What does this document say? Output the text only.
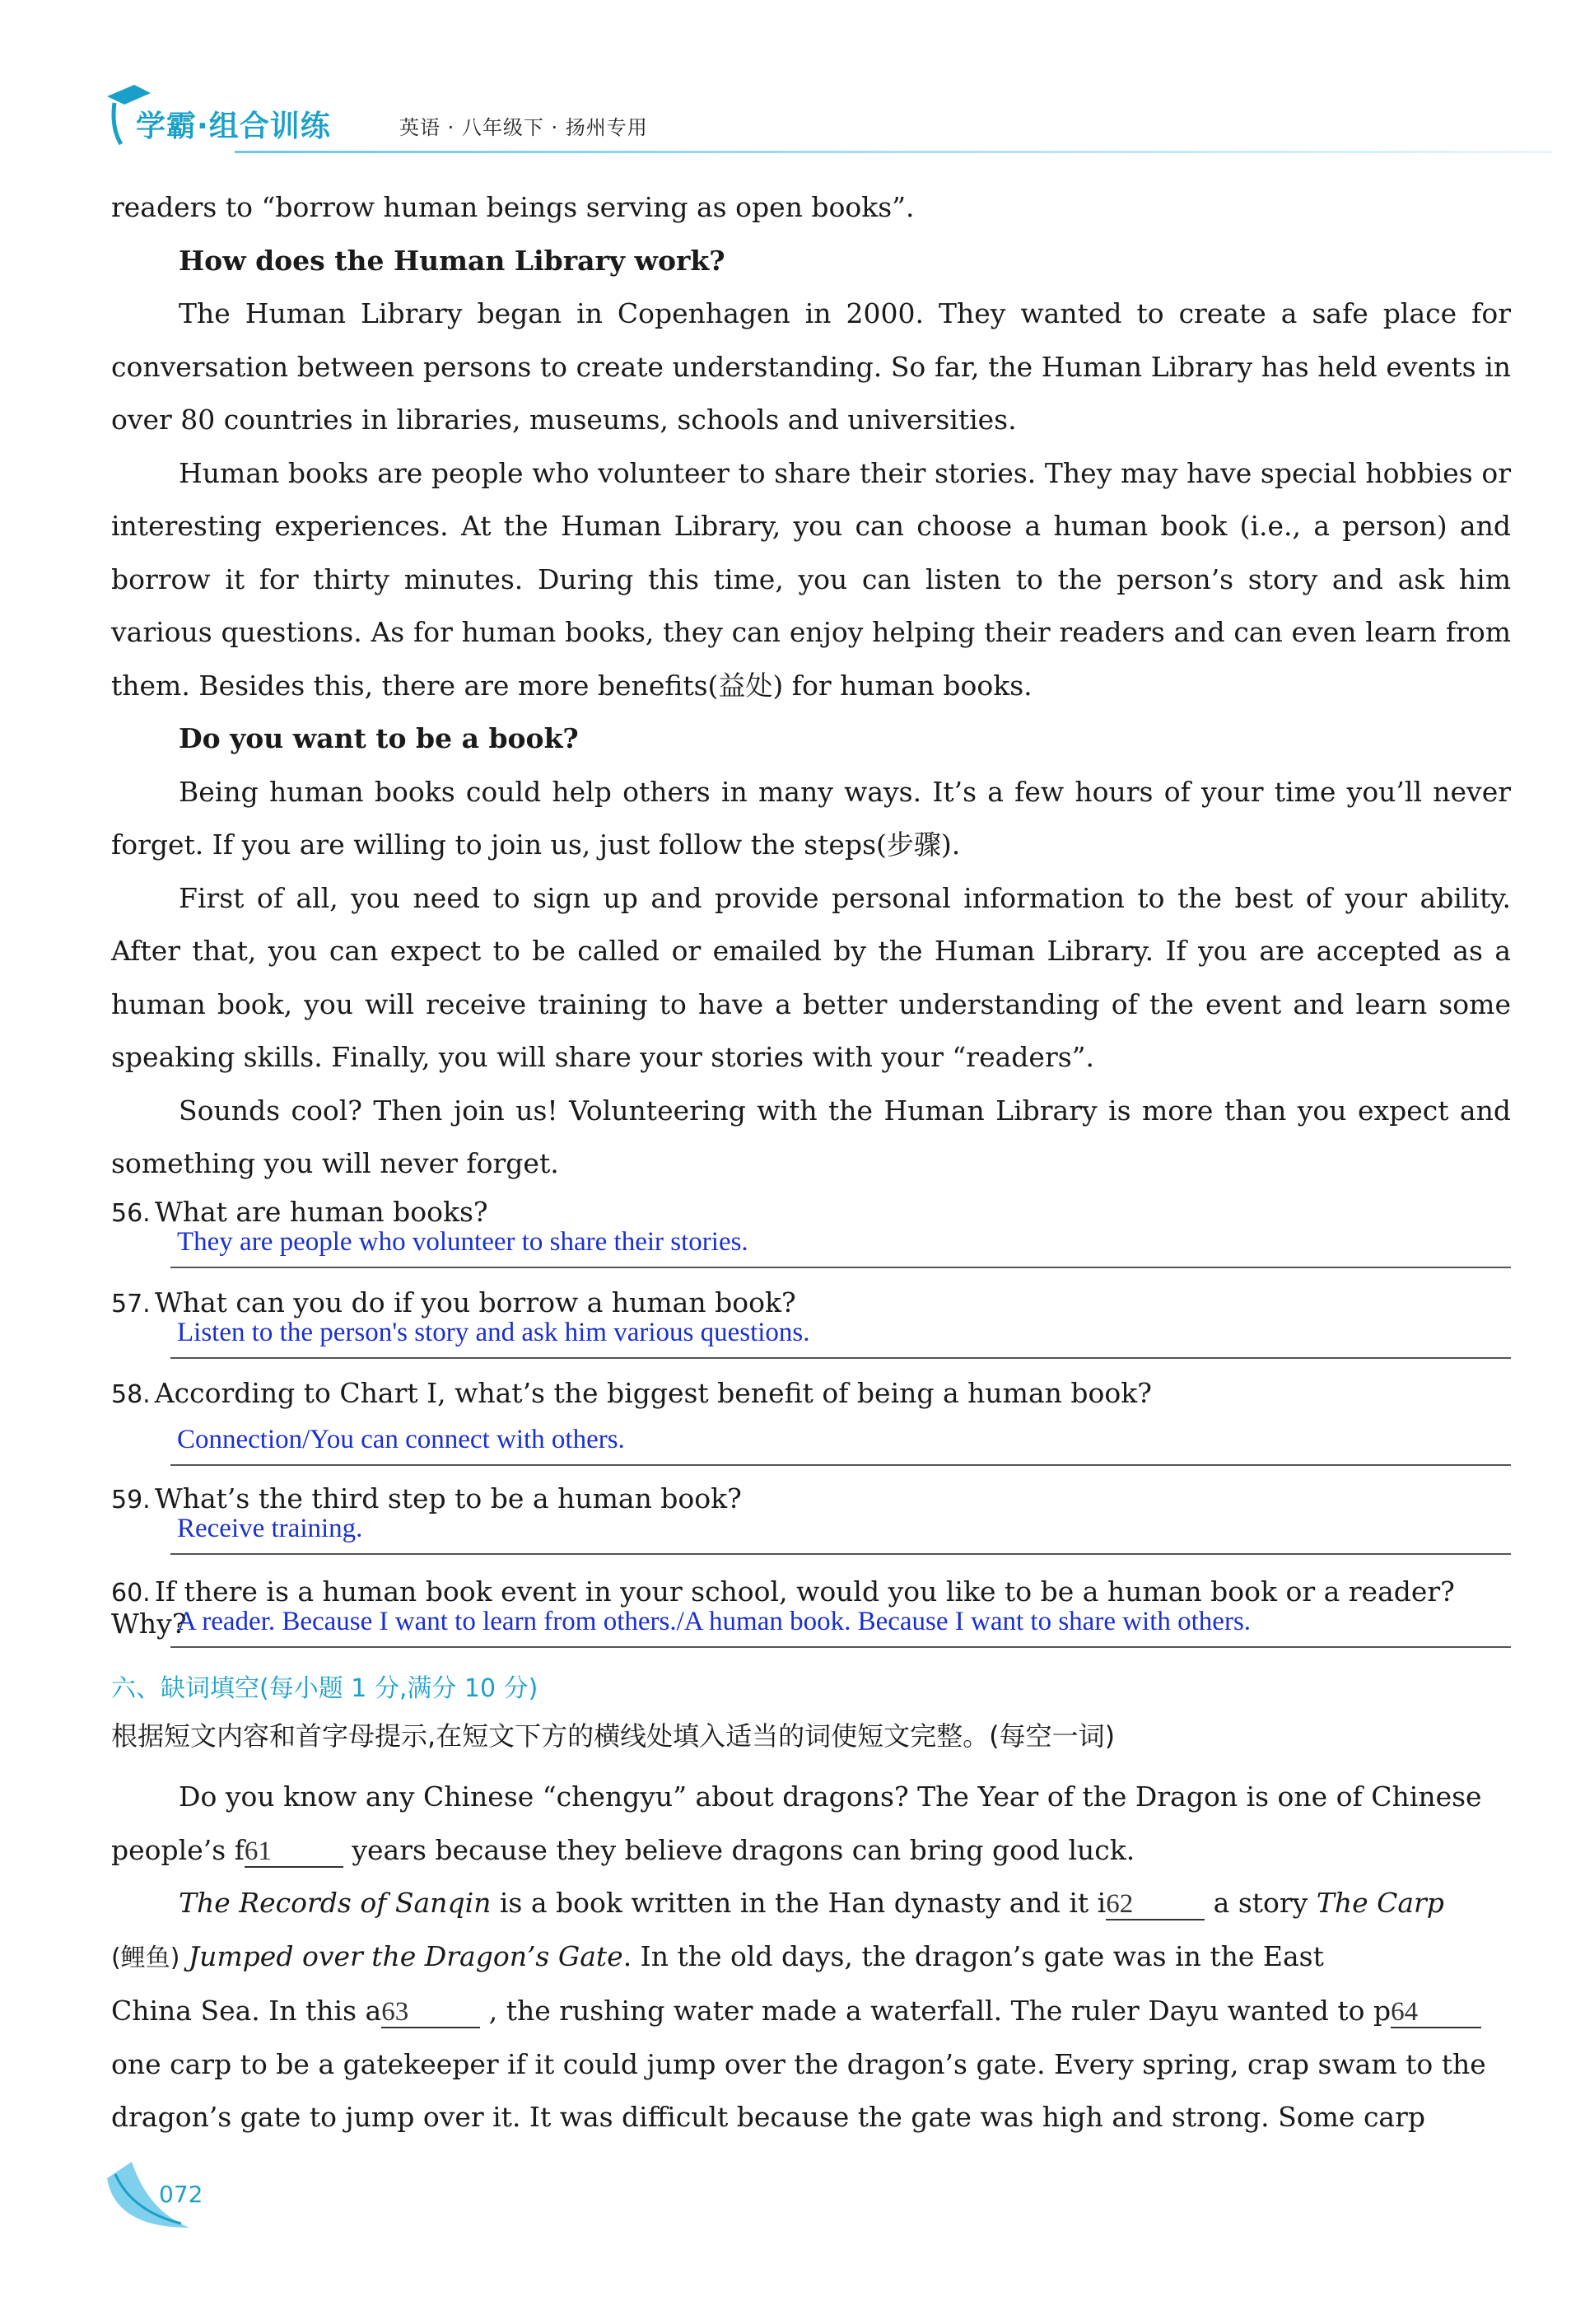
学霸·组合训练	英语 · 八年级下 · 扬州专用

readers to “borrow human beings serving as open books”.

How does the Human Library work?

The Human Library began in Copenhagen in 2000. They wanted to create a safe place for conversation between persons to create understanding. So far, the Human Library has held events in over 80 countries in libraries, museums, schools and universities.

Human books are people who volunteer to share their stories. They may have special hobbies or interesting experiences. At the Human Library, you can choose a human book (i.e., a person) and borrow it for thirty minutes. During this time, you can listen to the person’s story and ask him various questions. As for human books, they can enjoy helping their readers and can even learn from them. Besides this, there are more benefits(益处) for human books.

Do you want to be a book?

Being human books could help others in many ways. It’s a few hours of your time you’ll never forget. If you are willing to join us, just follow the steps(步骤).

First of all, you need to sign up and provide personal information to the best of your ability. After that, you can expect to be called or emailed by the Human Library. If you are accepted as a human book, you will receive training to have a better understanding of the event and learn some speaking skills. Finally, you will share your stories with your “readers”.

Sounds cool? Then join us! Volunteering with the Human Library is more than you expect and something you will never forget.

56. What are human books?
They are people who volunteer to share their stories.
57. What can you do if you borrow a human book?
Listen to the person's story and ask him various questions.
58. According to Chart I, what’s the biggest benefit of being a human book?
Connection/You can connect with others.
59. What’s the third step to be a human book?
Receive training.
60. If there is a human book event in your school, would you like to be a human book or a reader? Why?
A reader. Because I want to learn from others./A human book. Because I want to share with others.
六、缺词填空(每小题 1 分,满分 10 分)
根据短文内容和首字母提示,在短文下方的横线处填入适当的词使短文完整。(每空一词)
Do you know any Chinese “chengyu” about dragons? The Year of the Dragon is one of Chinese
people’s f61	years because they believe dragons can bring good luck.
The Records of Sanqin is a book written in the Han dynasty and it i62	a story The Carp
(鲤鱼) Jumped over the Dragon’s Gate. In the old days, the dragon’s gate was in the East
China Sea. In this a63	, the rushing water made a waterfall. The ruler Dayu wanted to p64
one carp to be a gatekeeper if it could jump over the dragon’s gate. Every spring, crap swam to the
dragon’s gate to jump over it. It was difficult because the gate was high and strong. Some carp
072
